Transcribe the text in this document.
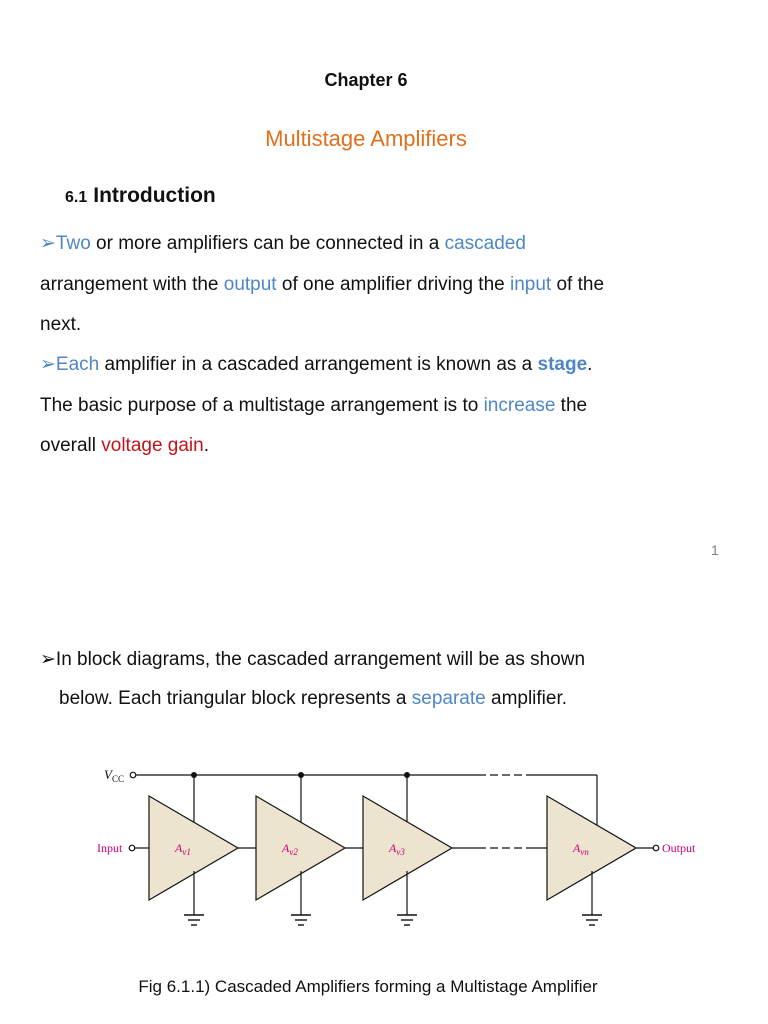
Chapter 6
Multistage Amplifiers
6.1 Introduction
➢Two or more amplifiers can be connected in a cascaded
arrangement with the output of one amplifier driving the input of the
next.
➢Each amplifier in a cascaded arrangement is known as a stage.
The basic purpose of a multistage arrangement is to increase the
overall voltage gain.
1
➢In block diagrams, the cascaded arrangement will be as shown
below. Each triangular block represents a separate amplifier.
$V_{CC}$
Input	$A_{v1}$	$A_{v2}$	$A_{v3}$	$A_{vn}$	Output
Fig 6.1.1) Cascaded Amplifiers forming a Multistage Amplifier
